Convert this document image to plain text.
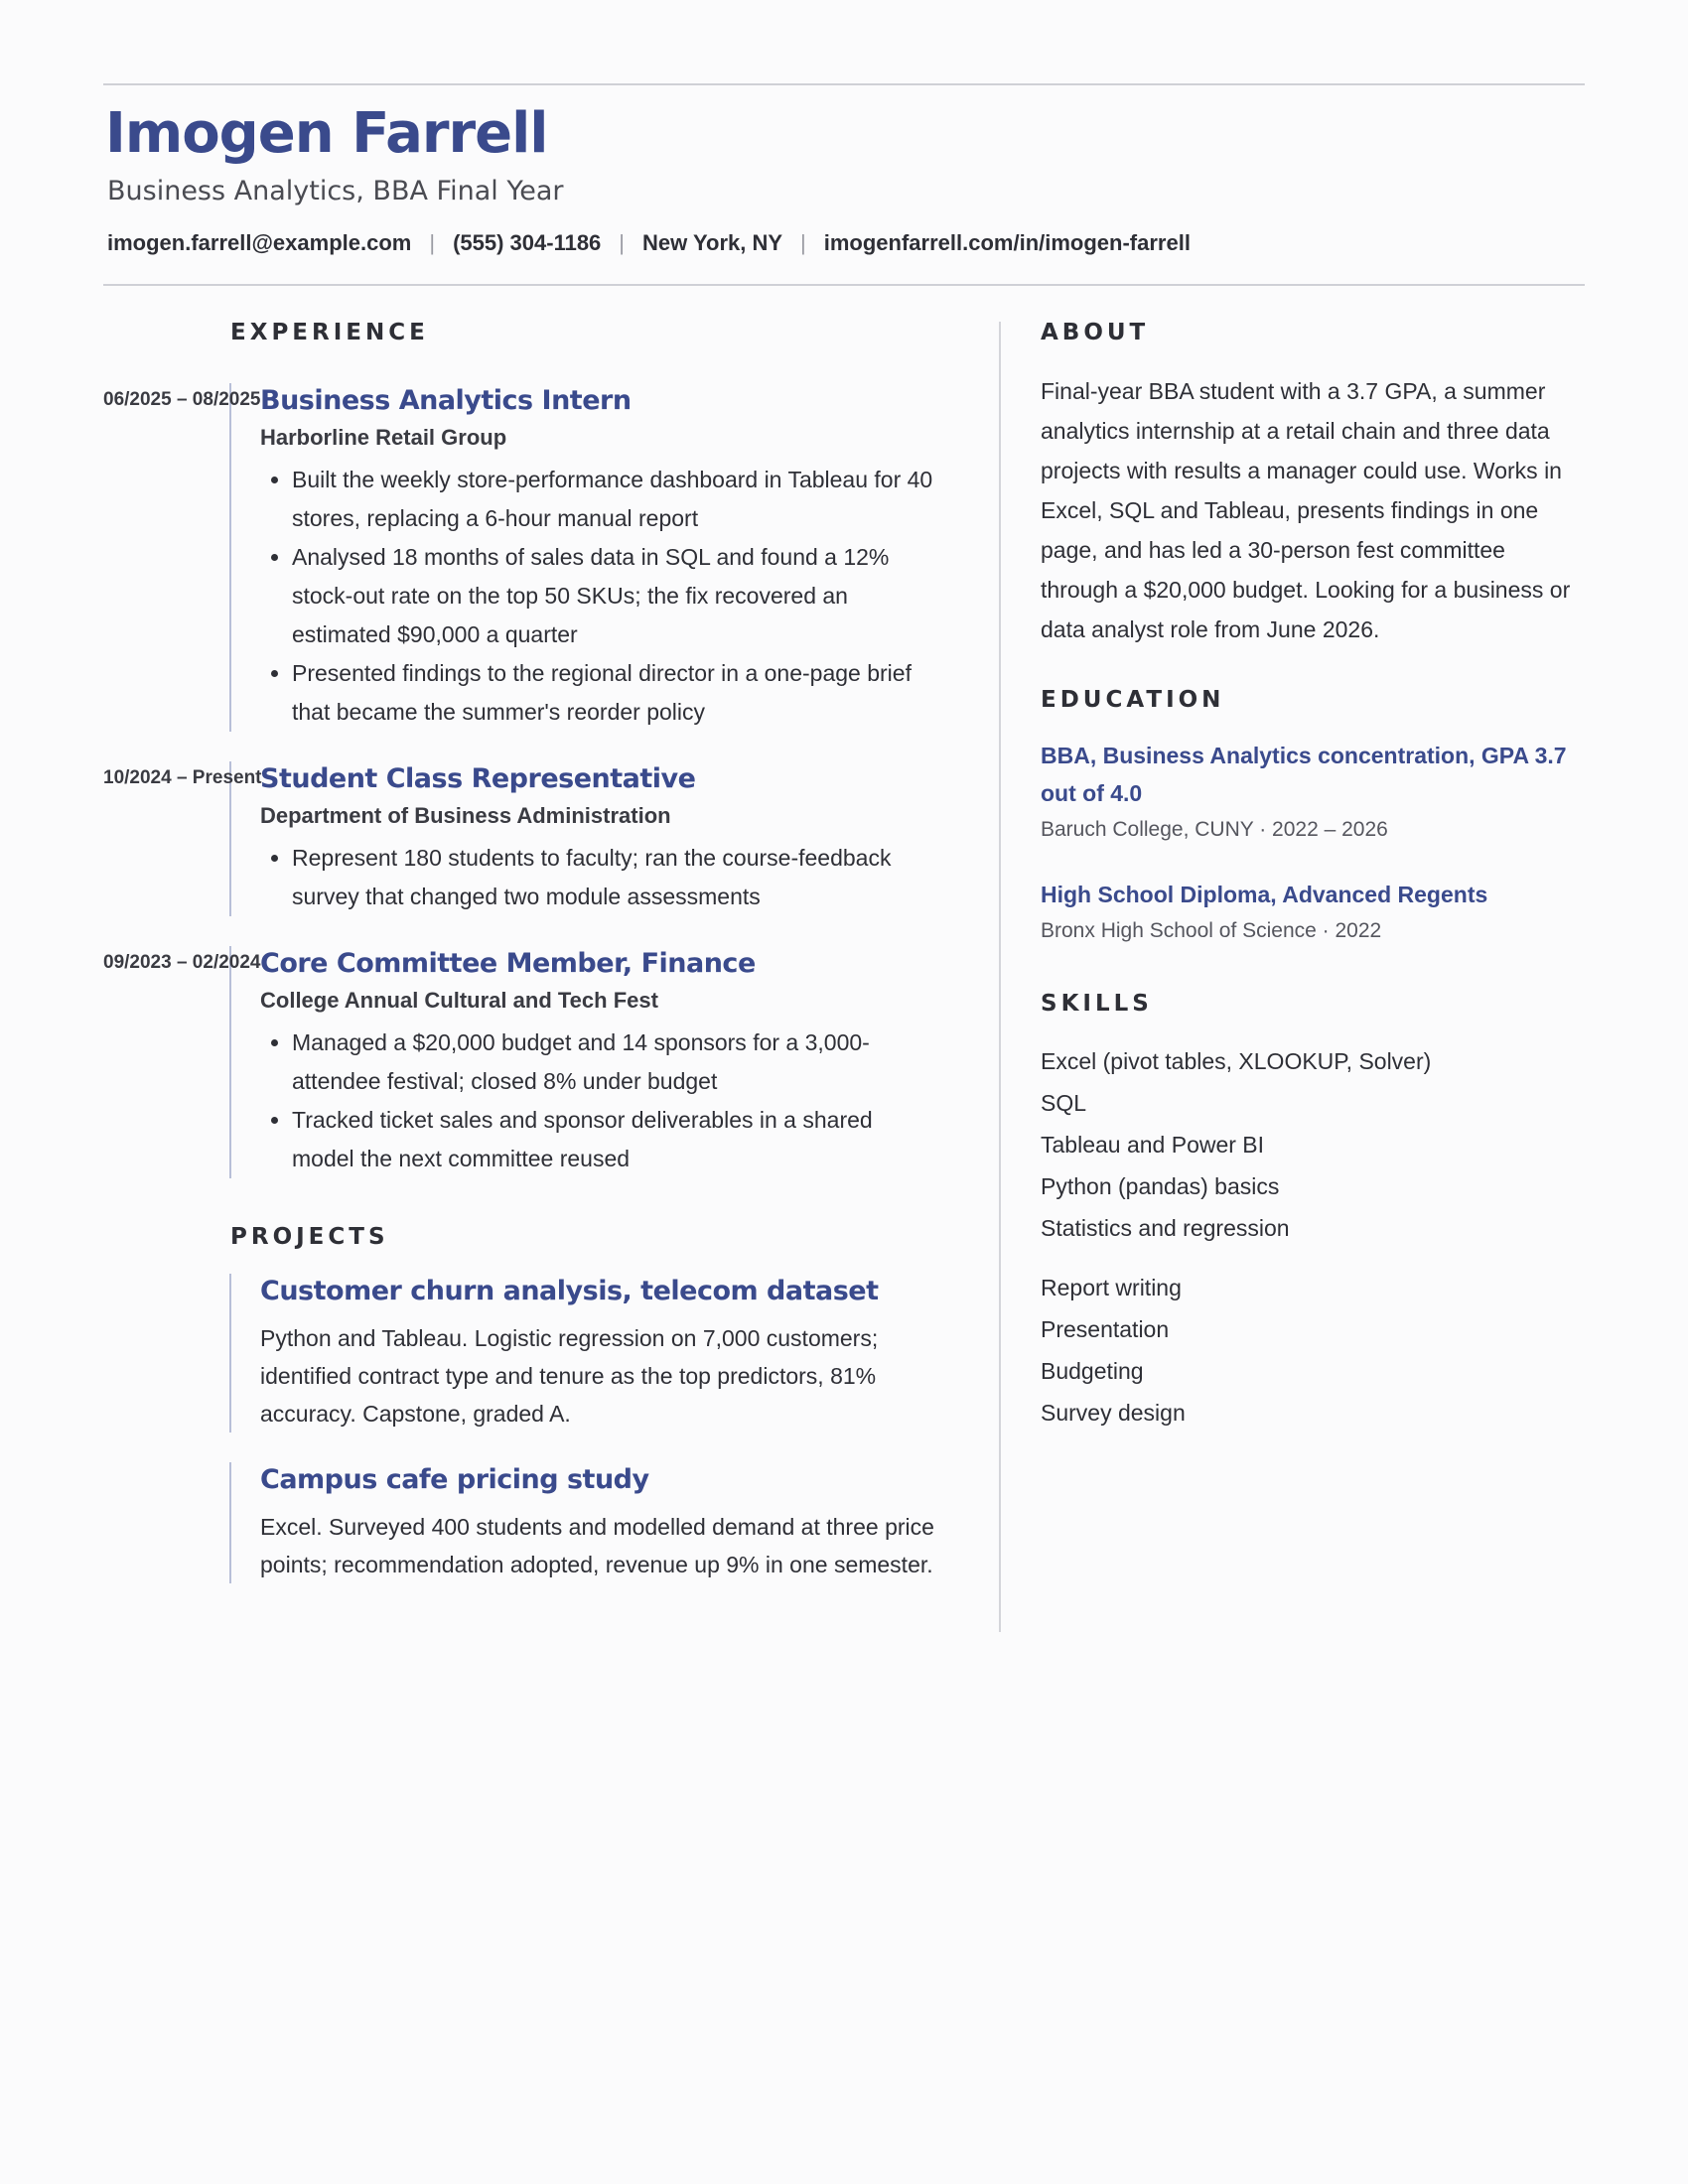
Imogen Farrell

Business Analytics, BBA Final Year

imogen.farrell@example.com | (555) 304-1186 | New York, NY | imogenfarrell.com/in/imogen-farrell

EXPERIENCE
06/2025 – 08/2025 Business Analytics Intern

Harborline Retail Group

• Built the weekly store-performance dashboard in Tableau for 40 stores, replacing a 6-hour manual report
• Analysed 18 months of sales data in SQL and found a 12% stock-out rate on the top 50 SKUs; the fix recovered an estimated $90,000 a quarter
• Presented findings to the regional director in a one-page brief that became the summer's reorder policy
10/2024 – Present
Student Class Representative

Department of Business Administration

• Represent 180 students to faculty; ran the course-feedback survey that changed two module assessments
09/2023 – 02/2024 Core Committee Member, Finance

College Annual Cultural and Tech Fest

• Managed a $20,000 budget and 14 sponsors for a 3,000-attendee festival; closed 8% under budget
• Tracked ticket sales and sponsor deliverables in a shared model the next committee reused
PROJECTS
Customer churn analysis, telecom dataset

Python and Tableau. Logistic regression on 7,000 customers; identified contract type and tenure as the top predictors, 81% accuracy. Capstone, graded A.

Campus cafe pricing study

Excel. Surveyed 400 students and modelled demand at three price points; recommendation adopted, revenue up 9% in one semester.

ABOUT

Final-year BBA student with a 3.7 GPA, a summer analytics internship at a retail chain and three data projects with results a manager could use. Works in Excel, SQL and Tableau, presents findings in one page, and has led a 30-person fest committee through a $20,000 budget. Looking for a business or data analyst role from June 2026.

EDUCATION

BBA, Business Analytics concentration, GPA 3.7 out of 4.0

Baruch College, CUNY · 2022 – 2026

High School Diploma, Advanced Regents

Bronx High School of Science · 2022

SKILLS
Excel (pivot tables, XLOOKUP, Solver)
SQL
Tableau and Power BI
Python (pandas) basics
Statistics and regression
Report writing
Presentation
Budgeting
Survey design
